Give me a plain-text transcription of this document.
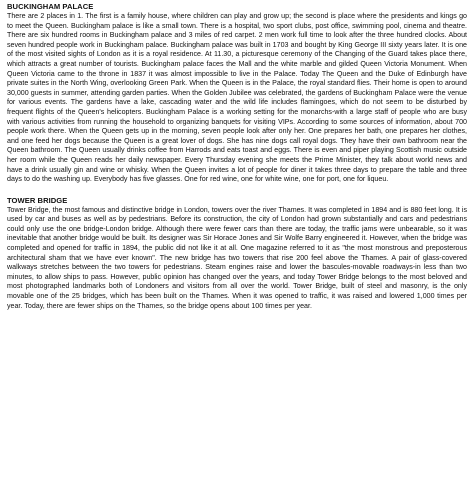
BUCKINGHAM PALACE

There are 2 places in 1. The first is a family house, where children can play and grow up; the second is place where the presidents and kings go to meet the Queen. Buckingham palace is like a small town. There is a hospital, two sport clubs, post office, swimming pool, cinema and theatre. There are six hundred rooms in Buckingham palace and 3 miles of red carpet. 2 men work full time to look after the three hundred clocks. About seven hundred people work in Buckingham palace. Buckingham palace was built in 1703 and bought by King George III sixty years later. It is one of the most visited sights of London as it is a royal residence. At 11.30, a picturesque ceremony of the Changing of the Guard takes place there, which attracts a great number of tourists. Buckingham palace faces the Mall and the white marble and gilded Queen Victoria Monument. When Queen Victoria came to the throne in 1837 it was almost impossible to live in the Palace. Today The Queen and the Duke of Edinburgh have private suites in the North Wing, overlooking Green Park. When the Queen is in the Palace, the royal standard flies. Their home is open to around 30,000 guests in summer, attending garden parties. When the Golden Jubilee was celebrated, the gardens of Buckingham Palace were the venue for various events. The gardens have a lake, cascading water and the wild life includes flamingoes, which do not seem to be disturbed by frequent flights of the Queen's helicopters. Buckingham Palace is a working setting for the monarchs-with a large staff of people who are busy with various activities from running the household to organizing banquets for visiting VIPs. According to some sources of information, about 700 people work there. When the Queen gets up in the morning, seven people look after only her. One prepares her bath, one prepares her clothes, and one feed her dogs because the Queen is a great lover of dogs. She has nine dogs call royal dogs. They have their own bathroom near the Queen bathroom. The Queen usually drinks coffee from Harrods and eats toast and eggs. There is even and piper playing Scottish music outside her room while the Queen reads her daily newspaper. Every Thursday evening she meets the Prime Minister, they talk about world news and have a drink usually gin and wine or whisky. When the Queen invites a lot of people for diner it takes three days to prepare the table and three days to do the washing up. Everybody has five glasses. One for red wine, one for white wine, one for port, one for liqueu.

TOWER BRIDGE

Tower Bridge, the most famous and distinctive bridge in London, towers over the river Thames. It was completed in 1894 and is 880 feet long. It is used by car and buses as well as by pedestrians. Before its construction, the city of London had grown substantially and cars and pedestrians could only use the one bridge-London bridge. Although there were fewer cars than there are today, the traffic jams were unbearable, so it was inevitable that another bridge would be built. Its designer was Sir Horace Jones and Sir Wolfe Barry engineered it. However, when the bridge was completed and opened for traffic in 1894, the public did not like it at all. One magazine referred to it as "the most monstrous and preposterous architectural sham that we have ever known". The new bridge has two towers that rise 200 feel above the Thames. A pair of glass-covered walkways stretches between the two towers for pedestrians. Steam engines raise and lower the bascules-movable roadways-in less than two minutes, to allow ships to pass. However, public opinion has changed over the years, and today Tower Bridge belongs to the most beloved and most photographed landmarks both of Londoners and visitors from all over the world. Tower Bridge, built of steel and masonry, is the only movable one of the 25 bridges, which has been built on the Thames. When it was opened to traffic, it was raised and lowered 1,000 times per year. Today, there are fewer ships on the Thames, so the bridge opens about 100 times per year.
